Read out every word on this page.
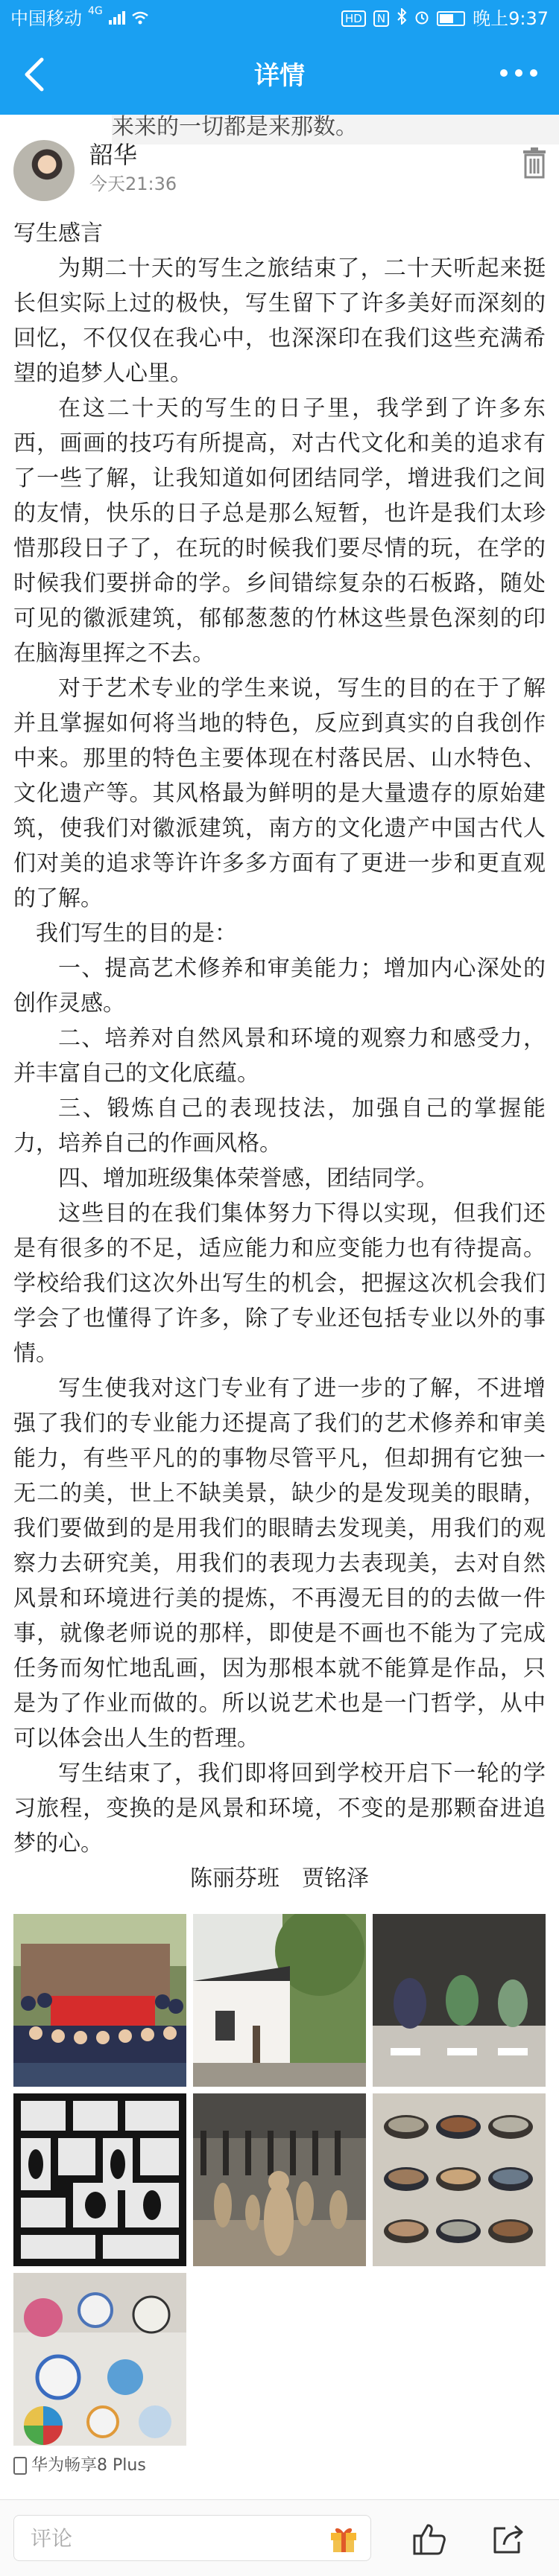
中国移动 4G
HD	N	晚上9:37
详情
来来的一切都是来那数。
韶华
今天21:36

写生感言

为期二十天的写生之旅结束了，二十天听起来挺长但实际上过的极快，写生留下了许多美好而深刻的回忆，不仅仅在我心中，也深深印在我们这些充满希望的追梦人心里。

在这二十天的写生的日子里，我学到了许多东西，画画的技巧有所提高，对古代文化和美的追求有了一些了解，让我知道如何团结同学，增进我们之间的友情，快乐的日子总是那么短暂，也许是我们太珍惜那段日子了，在玩的时候我们要尽情的玩，在学的时候我们要拼命的学。乡间错综复杂的石板路，随处可见的徽派建筑，郁郁葱葱的竹林这些景色深刻的印在脑海里挥之不去。

对于艺术专业的学生来说，写生的目的在于了解并且掌握如何将当地的特色，反应到真实的自我创作中来。那里的特色主要体现在村落民居、山水特色、文化遗产等。其风格最为鲜明的是大量遗存的原始建筑，使我们对徽派建筑，南方的文化遗产中国古代人们对美的追求等许许多多方面有了更进一步和更直观的了解。

我们写生的目的是：

一、提高艺术修养和审美能力；增加内心深处的创作灵感。

二、培养对自然风景和环境的观察力和感受力，并丰富自己的文化底蕴。

三、锻炼自己的表现技法，加强自己的掌握能力，培养自己的作画风格。

四、增加班级集体荣誉感，团结同学。

这些目的在我们集体努力下得以实现，但我们还是有很多的不足，适应能力和应变能力也有待提高。学校给我们这次外出写生的机会，把握这次机会我们学会了也懂得了许多，除了专业还包括专业以外的事情。

写生使我对这门专业有了进一步的了解，不进增强了我们的专业能力还提高了我们的艺术修养和审美能力，有些平凡的的事物尽管平凡，但却拥有它独一无二的美，世上不缺美景，缺少的是发现美的眼睛，我们要做到的是用我们的眼睛去发现美，用我们的观察力去研究美，用我们的表现力去表现美，去对自然风景和环境进行美的提炼，不再漫无目的的去做一件事，就像老师说的那样，即使是不画也不能为了完成任务而匆忙地乱画，因为那根本就不能算是作品，只是为了作业而做的。所以说艺术也是一门哲学，从中可以体会出人生的哲理。

写生结束了，我们即将回到学校开启下一轮的学习旅程，变换的是风景和环境，不变的是那颗奋进追梦的心。

陈丽芬班　贾铭泽

华为畅享8 Plus
评论
